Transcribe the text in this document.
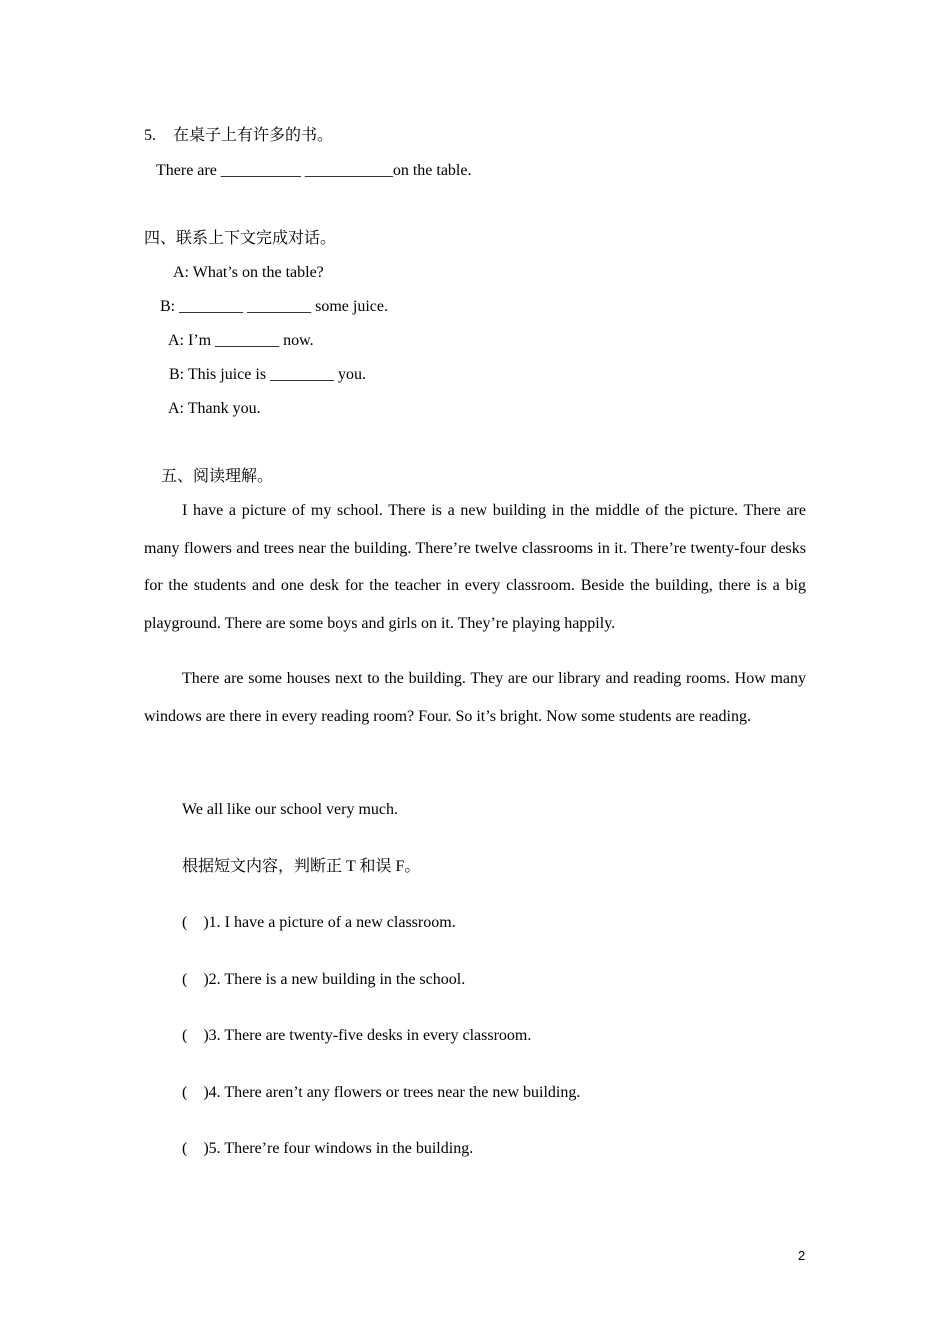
5. 在桌子上有许多的书。
There are __________ ___________on the table.
四、联系上下文完成对话。
A: What’s on the table?
B: ________ ________ some juice.
A: I’m ________ now.
B: This juice is ________ you.
A: Thank you.
五、阅读理解。
I have a picture of my school. There is a new building in the middle of the picture. There are many flowers and trees near the building. There’re twelve classrooms in it. There’re twenty-four desks for the students and one desk for the teacher in every classroom. Beside the building, there is a big playground. There are some boys and girls on it. They’re playing happily.
There are some houses next to the building. They are our library and reading rooms. How many windows are there in every reading room? Four. So it’s bright. Now some students are reading.
We all like our school very much.
根据短文内容，判断正 T 和误 F。
(    )1. I have a picture of a new classroom.
(    )2. There is a new building in the school.
(    )3. There are twenty-five desks in every classroom.
(    )4. There aren’t any flowers or trees near the new building.
(    )5. There’re four windows in the building.
2
